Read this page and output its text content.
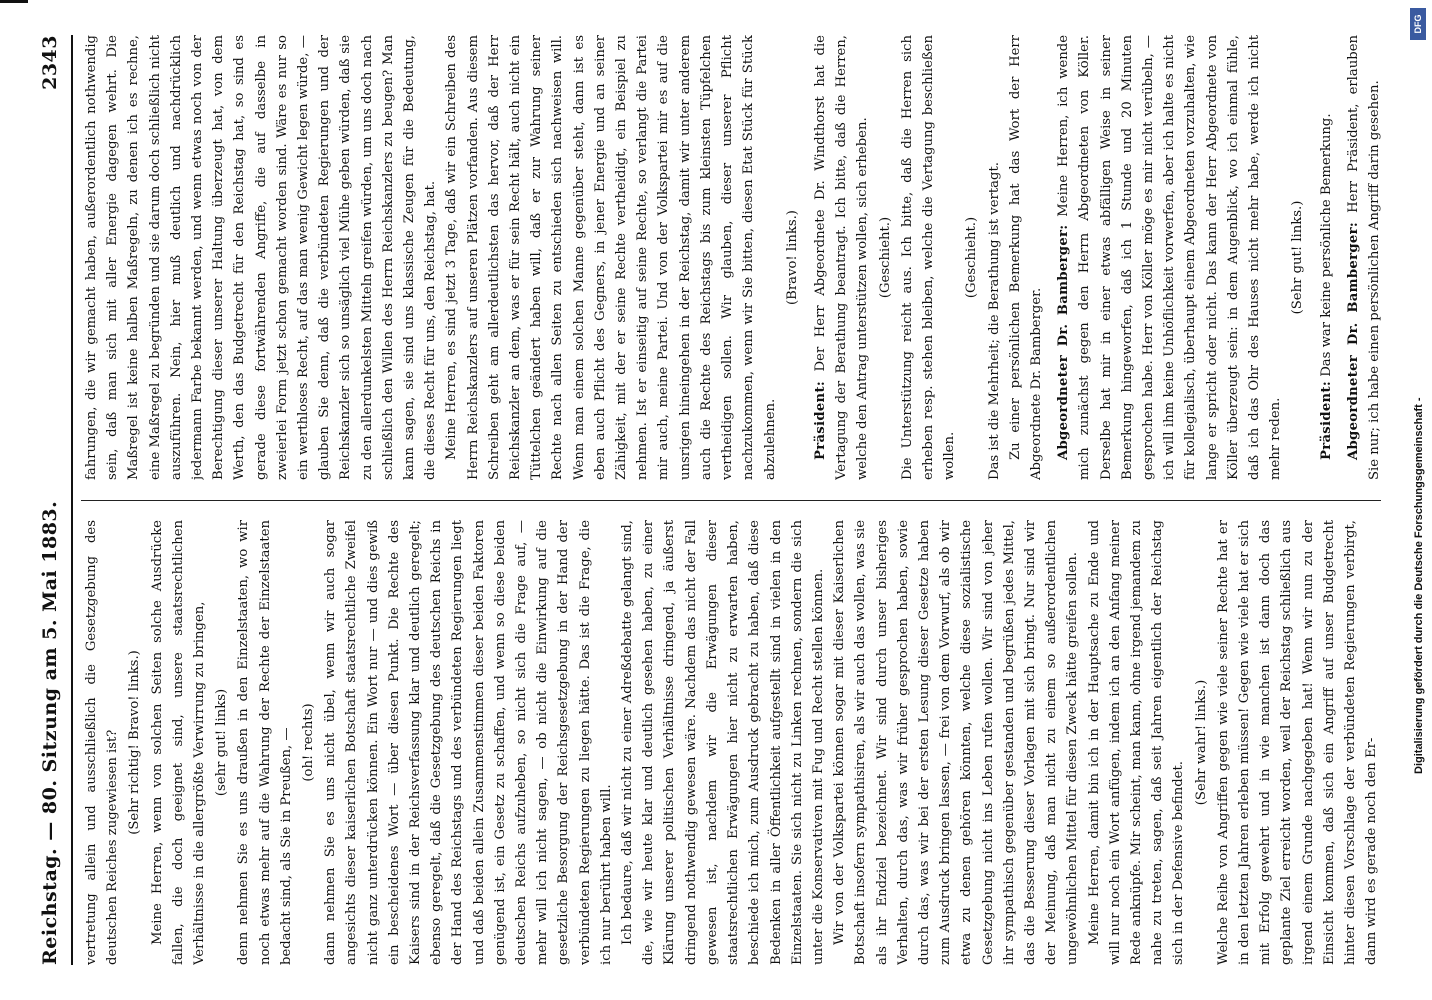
Reichstag. — 80. Sitzung am 5. Mai 1883.
2343

vertretung allein und ausschließlich die Gesetzgebung des deutschen Reiches zugewiesen ist? (Sehr richtig! Bravo! links.) Meine Herren, wenn von solchen Seiten solche Ausdrücke fallen, die doch geeignet sind, unsere staatsrechtlichen Verhältnisse in die allergrößte Verwirrung zu bringen, (sehr gut! links) denn nehmen Sie es uns draußen in den Einzelstaaten, wo wir noch etwas mehr auf die Wahrung der Rechte der Einzelstaaten bedacht sind, als Sie in Preußen, — (oh! rechts) dann nehmen Sie es uns nicht übel, wenn wir auch sogar angesichts dieser kaiserlichen Botschaft staatsrechtliche Zweifel nicht ganz unterdrücken können. Ein Wort nur — und dies gewiß ein bescheidenes Wort — über diesen Punkt. Die Rechte des Kaisers sind in der Reichsverfassung klar und deutlich geregelt; ebenso geregelt, daß die Gesetzgebung des deutschen Reichs in der Hand des Reichstags und des verbündeten Regierungen liegt und daß beiden allein Zusammenstimmen dieser beiden Faktoren genügend ist, ein Gesetz zu schaffen, und wenn so diese beiden deutschen Reichs aufzuheben, so nicht sich die Frage auf, — mehr will ich nicht sagen, — ob nicht die Einwirkung auf die gesetzliche Besorgung der Reichsgesetzgebung in der Hand der verbündeten Regierungen zu liegen hätte. Das ist die Frage, die ich nur berührt haben will. Ich bedaure, daß wir nicht zu einer Adreßdebatte gelangt sind, die, wie wir heute klar und deutlich gesehen haben, zu einer Klärung unserer politischen Verhältnisse dringend, ja äußerst dringend nothwendig gewesen wäre. Nachdem das nicht der Fall gewesen ist, nachdem wir die Erwägungen dieser staatsrechtlichen Erwägungen hier nicht zu erwarten haben, beschiede ich mich, zum Ausdruck gebracht zu haben, daß diese Bedenken in aller Öffentlichkeit aufgestellt sind in vielen in den Einzelstaaten. Sie sich nicht zu Linken rechnen, sondern die sich unter die Konservativen mit Fug und Recht stellen können. Wir von der Volkspartei können sogar mit dieser Kaiserlichen Botschaft insofern sympathisiren, als wir auch das wollen, was sie als ihr Endziel bezeichnet. Wir sind durch unser bisheriges Verhalten, durch das, was wir früher gesprochen haben, sowie durch das, was wir bei der ersten Lesung dieser Gesetze haben zum Ausdruck bringen lassen, — frei von dem Vorwurf, als ob wir etwa zu denen gehören könnten, welche diese sozialistische Gesetzgebung nicht ins Leben rufen wollen. Wir sind von jeher ihr sympathisch gegenüber gestanden und begrüßen jedes Mittel, das die Besserung dieser Vorlagen mit sich bringt. Nur sind wir der Meinung, daß man nicht zu einem so außerordentlichen ungewöhnlichen Mittel für diesen Zweck hätte greifen sollen. Meine Herren, damit bin ich in der Hauptsache zu Ende und will nur noch ein Wort anfügen, indem ich an den Anfang meiner Rede anknüpfe. Mir scheint, man kann, ohne irgend jemandem zu nahe zu treten, sagen, daß seit Jahren eigentlich der Reichstag sich in der Defensive befindet.

(Sehr wahr! links.) Welche Reihe von Angriffen gegen wie viele seiner Rechte hat er in den letzten Jahren erleben müssen! Gegen wie viele hat er sich mit Erfolg gewehrt und in wie manchen ist dann doch das geplante Ziel erreicht worden, weil der Reichstag schließlich aus irgend einem Grunde nachgegeben hat! Wenn wir nun zu der Einsicht kommen, daß sich ein Angriff auf unser Budgetrecht hinter diesen Vorschlage der verbündeten Regierungen verbirgt, dann wird es gerade noch den Er-

fahrungen, die wir gemacht haben, außerordentlich nothwendig sein, daß man sich mit aller Energie dagegen wehrt. Die Maßregel ist keine halben Maßregeln, zu denen ich es rechne, eine Maßregel zu begründen und sie darum doch schließlich nicht auszuführen. Nein, hier muß deutlich und nachdrücklich jedermann Farbe bekannt werden, und wenn etwas noch von der Berechtigung dieser unserer Haltung überzeugt hat, von dem Werth, den das Budgetrecht für den Reichstag hat, so sind es gerade diese fortwährenden Angriffe, die auf dasselbe in zweierlei Form jetzt schon gemacht worden sind. Wäre es nur so ein werthloses Recht, auf das man wenig Gewicht legen würde, — glauben Sie denn, daß die verbündeten Regierungen und der Reichskanzler sich so unsäglich viel Mühe geben würden, daß sie zu den allerdunkelsten Mitteln greifen würden, um uns doch nach schließlich den Willen des Herrn Reichskanzlers zu beugen? Man kann sagen, sie sind uns klassische Zeugen für die Bedeutung, die dieses Recht für uns, den Reichstag, hat. Meine Herren, es sind jetzt 3 Tage, daß wir ein Schreiben des Herrn Reichskanzlers auf unseren Plätzen vorfanden. Aus diesem Schreiben geht am allerdeutlichsten das hervor, daß der Herr Reichskanzler an dem, was er für sein Recht hält, auch nicht ein Tüttelchen geändert haben will, daß er zur Wahrung seiner Rechte nach allen Seiten zu entschieden sich nachweisen will. Wenn man einem solchen Manne gegenüber steht, dann ist es eben auch Pflicht des Gegners, in jener Energie und an seiner Zähigkeit, mit der er seine Rechte vertheidigt, ein Beispiel zu nehmen. Ist er einseitig auf seine Rechte, so verlangt die Partei mir auch, meine Partei. Und von der Volkspartei mir es auf die unsrigen hineingehen in der Reichstag, damit wir unter anderem auch die Rechte des Reichstags bis zum kleinsten Tüpfelchen vertheidigen sollen. Wir glauben, dieser unserer Pflicht nachzukommen, wenn wir Sie bitten, diesen Etat Stück für Stück abzulehnen.

(Bravo! links.)

Präsident: Der Herr Abgeordnete Dr. Windthorst hat die Vertagung der Berathung beantragt. Ich bitte, daß die Herren, welche den Antrag unterstützen wollen, sich erheben. (Geschieht.) Die Unterstützung reicht aus. Ich bitte, daß die Herren sich erheben resp. stehen bleiben, welche die Vertagung beschließen wollen.

(Geschieht.) Das ist die Mehrheit; die Berathung ist vertagt. Zu einer persönlichen Bemerkung hat das Wort der Herr Abgeordnete Dr. Bamberger. Abgeordneter Dr. Bamberger: Meine Herren, ich wende mich zunächst gegen den Herrn Abgeordneten von Köller. Derselbe hat mir in einer etwas abfälligen Weise in seiner Bemerkung hingeworfen, daß ich 1 Stunde und 20 Minuten gesprochen habe. Herr von Köller möge es mir nicht verübeln, — ich will ihm keine Unhöflichkeit vorwerfen, aber ich halte es nicht für kollegialisch, überhaupt einem Abgeordneten vorzuhalten, wie lange er spricht oder nicht. Das kann der Herr Abgeordnete von Köller überzeugt sein: in dem Augenblick, wo ich einmal fühle, daß ich das Ohr des Hauses nicht mehr habe, werde ich nicht mehr reden.

(Sehr gut! links.)

Präsident: Das war keine persönliche Bemerkung. Abgeordneter Dr. Bamberger: Herr Präsident, erlauben Sie nur; ich habe einen persönlichen Angriff darin gesehen.

Digitalisierung gefördert durch die Deutsche Forschungsgemeinschaft -
DFG
